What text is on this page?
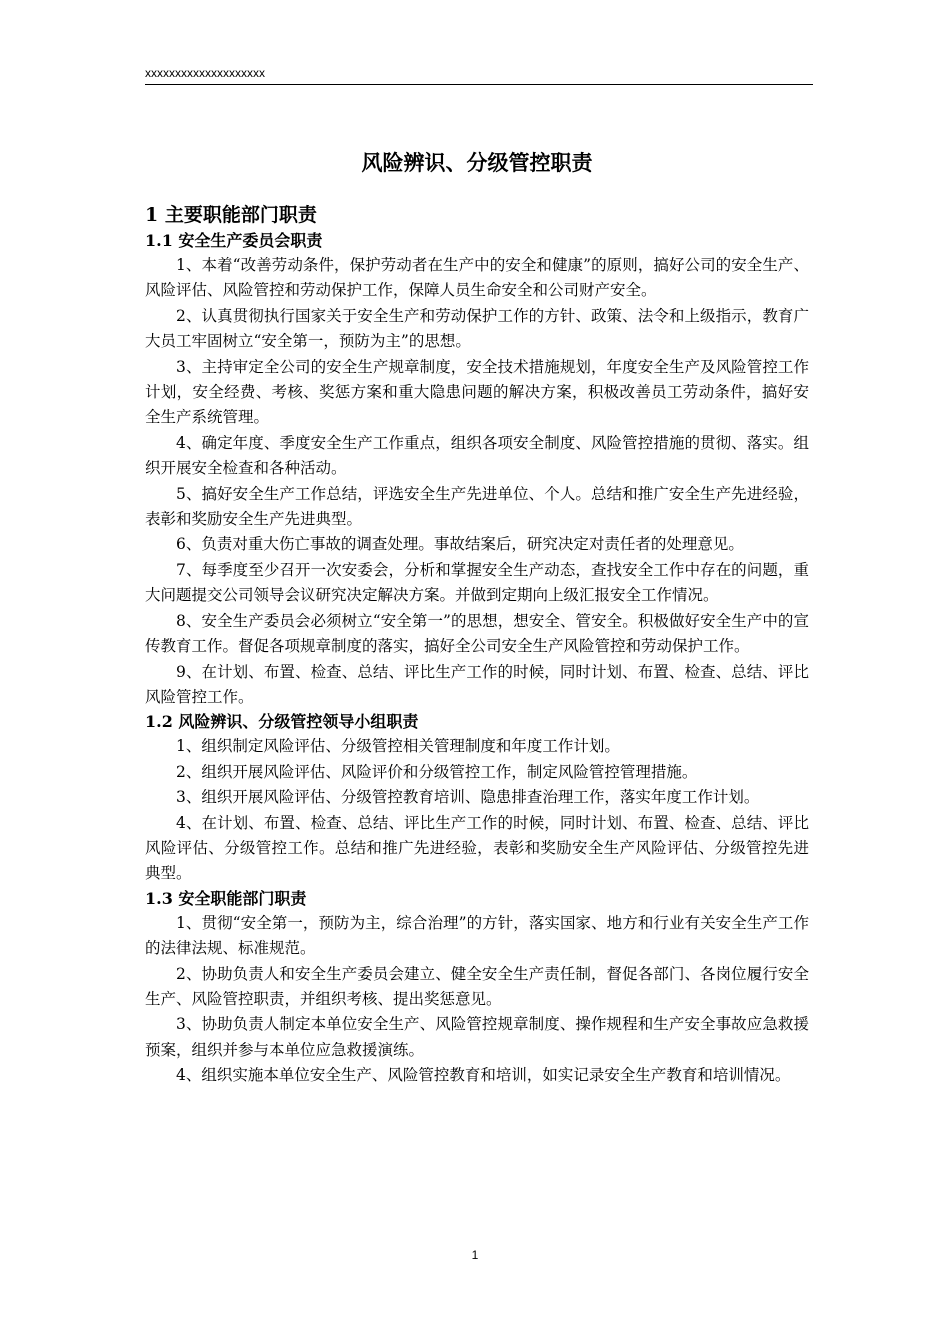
xxxxxxxxxxxxxxxxxxxx
风险辨识、分级管控职责
1 主要职能部门职责
1.1 安全生产委员会职责

1、本着“改善劳动条件，保护劳动者在生产中的安全和健康”的原则，搞好公司的安全生产、风险评估、风险管控和劳动保护工作，保障人员生命安全和公司财产安全。

2、认真贯彻执行国家关于安全生产和劳动保护工作的方针、政策、法令和上级指示，教育广大员工牢固树立“安全第一，预防为主”的思想。

3、主持审定全公司的安全生产规章制度，安全技术措施规划，年度安全生产及风险管控工作计划，安全经费、考核、奖惩方案和重大隐患问题的解决方案，积极改善员工劳动条件，搞好安全生产系统管理。

4、确定年度、季度安全生产工作重点，组织各项安全制度、风险管控措施的贯彻、落实。组织开展安全检查和各种活动。

5、搞好安全生产工作总结，评选安全生产先进单位、个人。总结和推广安全生产先进经验，表彰和奖励安全生产先进典型。

6、负责对重大伤亡事故的调查处理。事故结案后，研究决定对责任者的处理意见。

7、每季度至少召开一次安委会，分析和掌握安全生产动态，查找安全工作中存在的问题，重大问题提交公司领导会议研究决定解决方案。并做到定期向上级汇报安全工作情况。

8、安全生产委员会必须树立“安全第一”的思想，想安全、管安全。积极做好安全生产中的宣传教育工作。督促各项规章制度的落实，搞好全公司安全生产风险管控和劳动保护工作。

9、在计划、布置、检查、总结、评比生产工作的时候，同时计划、布置、检查、总结、评比风险管控工作。

1.2 风险辨识、分级管控领导小组职责

1、组织制定风险评估、分级管控相关管理制度和年度工作计划。

2、组织开展风险评估、风险评价和分级管控工作，制定风险管控管理措施。

3、组织开展风险评估、分级管控教育培训、隐患排查治理工作，落实年度工作计划。

4、在计划、布置、检查、总结、评比生产工作的时候，同时计划、布置、检查、总结、评比风险评估、分级管控工作。总结和推广先进经验，表彰和奖励安全生产风险评估、分级管控先进典型。

1.3 安全职能部门职责

1、贯彻“安全第一，预防为主，综合治理”的方针，落实国家、地方和行业有关安全生产工作的法律法规、标准规范。

2、协助负责人和安全生产委员会建立、健全安全生产责任制，督促各部门、各岗位履行安全生产、风险管控职责，并组织考核、提出奖惩意见。

3、协助负责人制定本单位安全生产、风险管控规章制度、操作规程和生产安全事故应急救援预案，组织并参与本单位应急救援演练。

4、组织实施本单位安全生产、风险管控教育和培训，如实记录安全生产教育和培训情况。

1
